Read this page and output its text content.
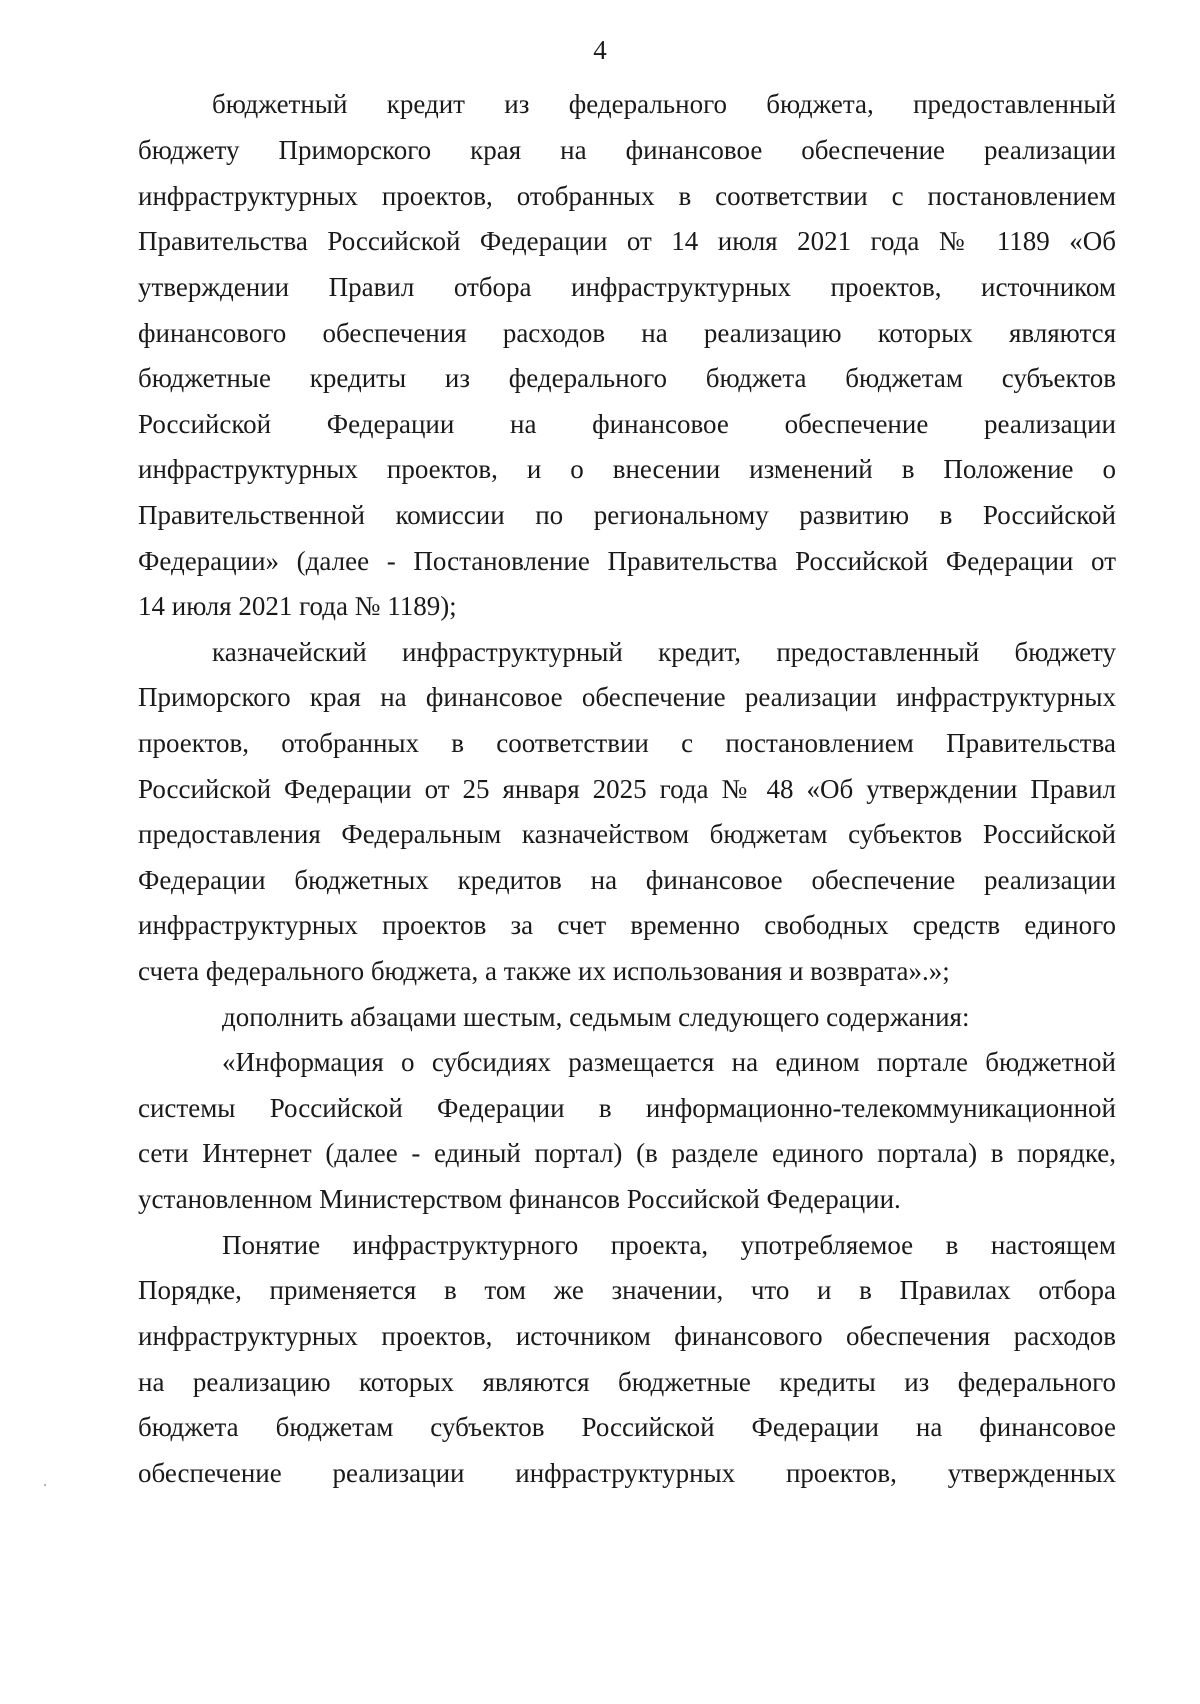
4
бюджетный кредит из федерального бюджета, предоставленный
бюджету Приморского края на финансовое обеспечение реализации
инфраструктурных проектов, отобранных в соответствии с постановлением
Правительства Российской Федерации от 14 июля 2021 года № 1189 «Об
утверждении Правил отбора инфраструктурных проектов, источником
финансового обеспечения расходов на реализацию которых являются
бюджетные кредиты из федерального бюджета бюджетам субъектов
Российской Федерации на финансовое обеспечение реализации
инфраструктурных проектов, и о внесении изменений в Положение о
Правительственной комиссии по региональному развитию в Российской
Федерации» (далее - Постановление Правительства Российской Федерации от
14 июля 2021 года № 1189);
казначейский инфраструктурный кредит, предоставленный бюджету
Приморского края на финансовое обеспечение реализации инфраструктурных
проектов, отобранных в соответствии с постановлением Правительства
Российской Федерации от 25 января 2025 года № 48 «Об утверждении Правил
предоставления Федеральным казначейством бюджетам субъектов Российской
Федерации бюджетных кредитов на финансовое обеспечение реализации
инфраструктурных проектов за счет временно свободных средств единого
счета федерального бюджета, а также их использования и возврата».»;
дополнить абзацами шестым, седьмым следующего содержания:
«Информация о субсидиях размещается на едином портале бюджетной
системы Российской Федерации в информационно-телекоммуникационной
сети Интернет (далее - единый портал) (в разделе единого портала) в порядке,
установленном Министерством финансов Российской Федерации.
Понятие инфраструктурного проекта, употребляемое в настоящем
Порядке, применяется в том же значении, что и в Правилах отбора
инфраструктурных проектов, источником финансового обеспечения расходов
на реализацию которых являются бюджетные кредиты из федерального
бюджета бюджетам субъектов Российской Федерации на финансовое
обеспечение реализации инфраструктурных проектов, утвержденных
